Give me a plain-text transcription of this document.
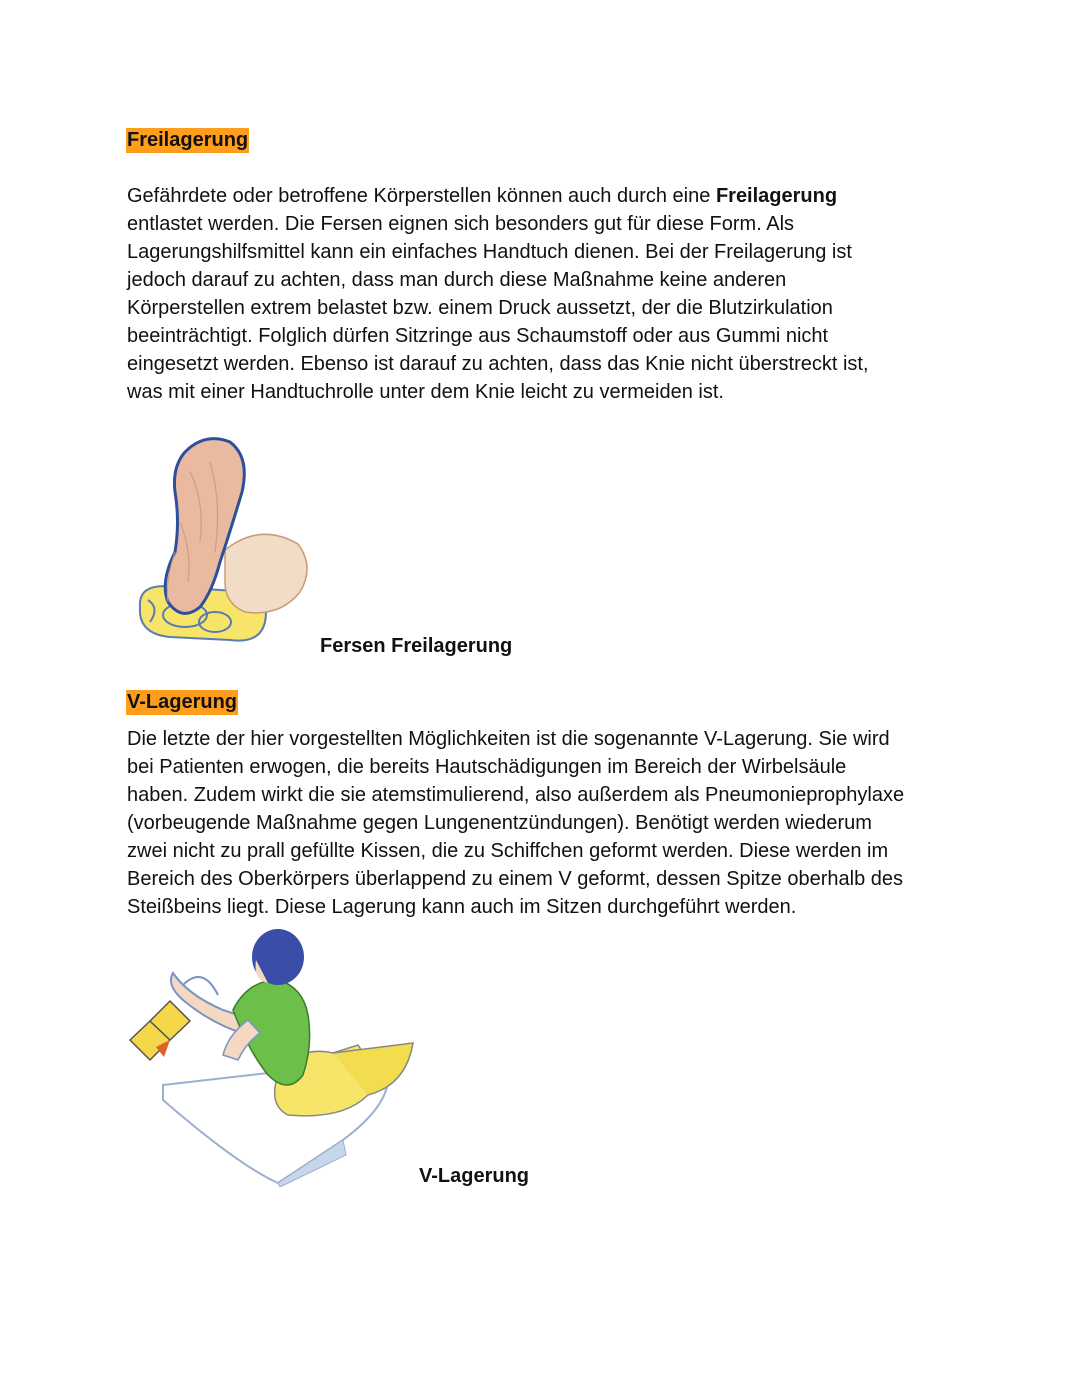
Freilagerung
Gefährdete oder betroffene Körperstellen können auch durch eine Freilagerung
entlastet werden. Die Fersen eignen sich besonders gut für diese Form. Als
Lagerungshilfsmittel kann ein einfaches Handtuch dienen. Bei der Freilagerung ist
jedoch darauf zu achten, dass man durch diese Maßnahme keine anderen
Körperstellen extrem belastet bzw. einem Druck aussetzt, der die Blutzirkulation
beeinträchtigt. Folglich dürfen Sitzringe aus Schaumstoff oder aus Gummi nicht
eingesetzt werden. Ebenso ist darauf zu achten, dass das Knie nicht überstreckt ist,
was mit einer Handtuchrolle unter dem Knie leicht zu vermeiden ist.
Fersen Freilagerung
V-Lagerung
Die letzte der hier vorgestellten Möglichkeiten ist die sogenannte V-Lagerung. Sie wird
bei Patienten erwogen, die bereits Hautschädigungen im Bereich der Wirbelsäule
haben. Zudem wirkt die sie atemstimulierend, also außerdem als Pneumonieprophylaxe
(vorbeugende Maßnahme gegen Lungenentzündungen). Benötigt werden wiederum
zwei nicht zu prall gefüllte Kissen, die zu Schiffchen geformt werden. Diese werden im
Bereich des Oberkörpers überlappend zu einem V geformt, dessen Spitze oberhalb des
Steißbeins liegt. Diese Lagerung kann auch im Sitzen durchgeführt werden.
V-Lagerung
